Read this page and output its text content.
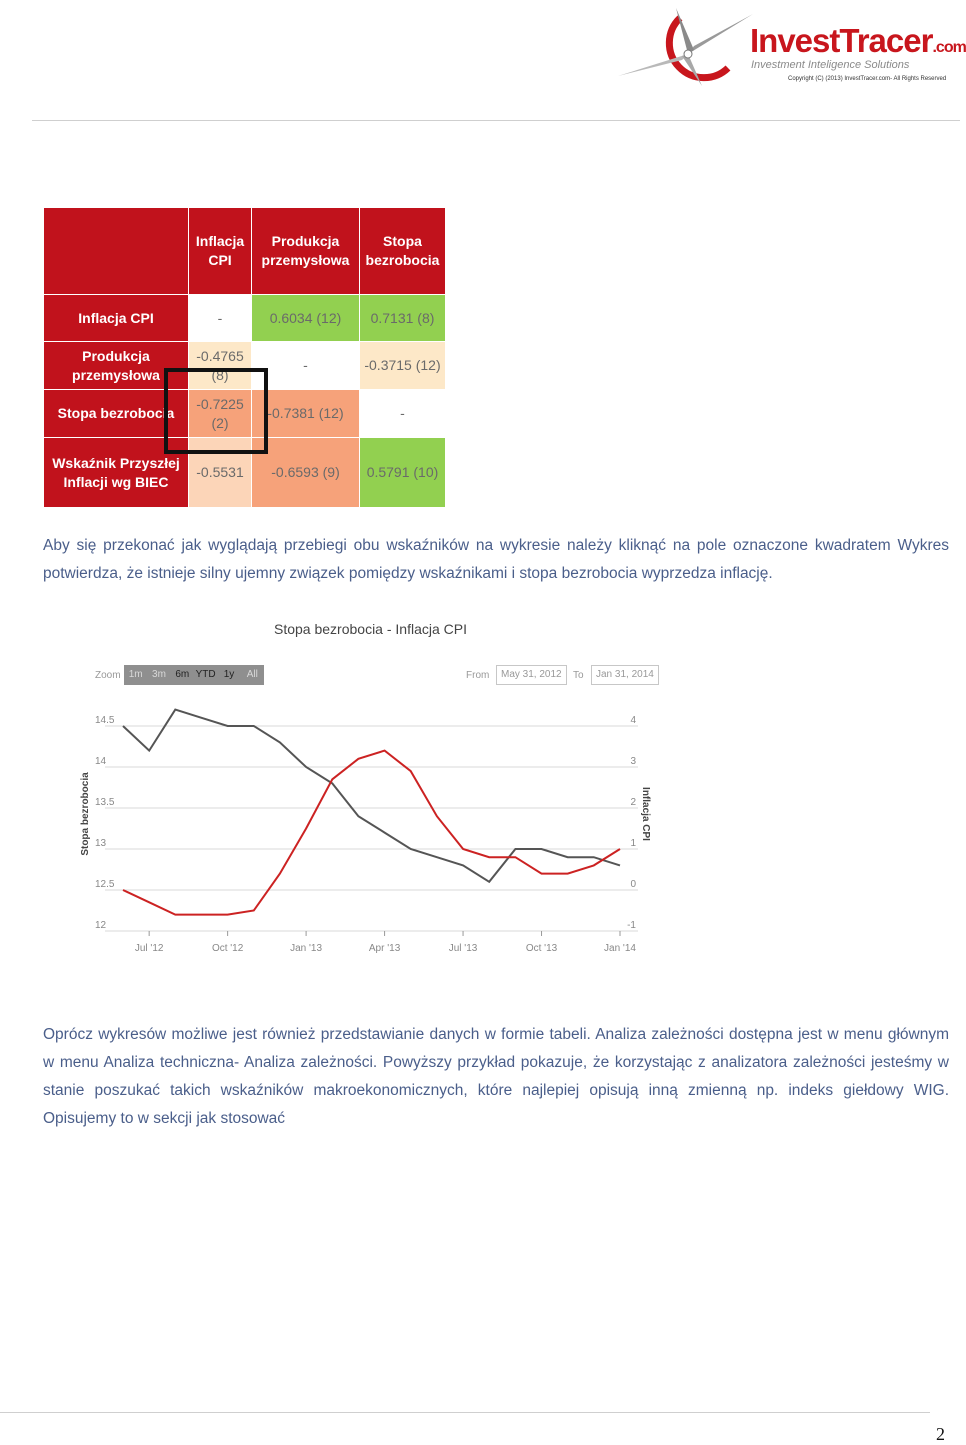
InvestTracer.com
Investment Inteligence Solutions
Copyright (C) (2013) InvestTracer.com- All Rights Reserved
	Inflacja CPI	Produkcja przemysłowa	Stopa bezrobocia
Inflacja CPI	-	0.6034 (12)	0.7131 (8)
Produkcja przemysłowa	-0.4765 (8)	-	-0.3715 (12)
Stopa bezrobocia	-0.7225 (2)	-0.7381 (12)	-
Wskaźnik Przyszłej Inflacji wg BIEC	-0.5531	-0.6593 (9)	0.5791 (10)

Aby się przekonać jak wyglądają przebiegi obu wskaźników na wykresie należy kliknąć na pole oznaczone kwadratem Wykres potwierdza, że istnieje silny ujemny związek pomiędzy wskaźnikami i stopa bezrobocia wyprzedza inflację.

Stopa bezrobocia - Inflacja CPI
Zoom 1m 3m 6m YTD 1y	All	From	May 31, 2012	To	Jan 31, 2014
12
12.5
13
13.5
14
14.5
-1
0
1
2
3
4
Jul '12	Oct '12	Jan '13	Apr '13	Jul '13	Oct '13	Jan '14
Stopa bezrobocia	Inflacja CPI

Oprócz wykresów możliwe jest również przedstawianie danych w formie tabeli. Analiza zależności dostępna jest w menu głównym w menu Analiza techniczna- Analiza zależności. Powyższy przykład pokazuje, że korzystając z analizatora zależności jesteśmy w stanie poszukać takich wskaźników makroekonomicznych, które najlepiej opisują inną zmienną np. indeks giełdowy WIG. Opisujemy to w sekcji jak stosować

2
